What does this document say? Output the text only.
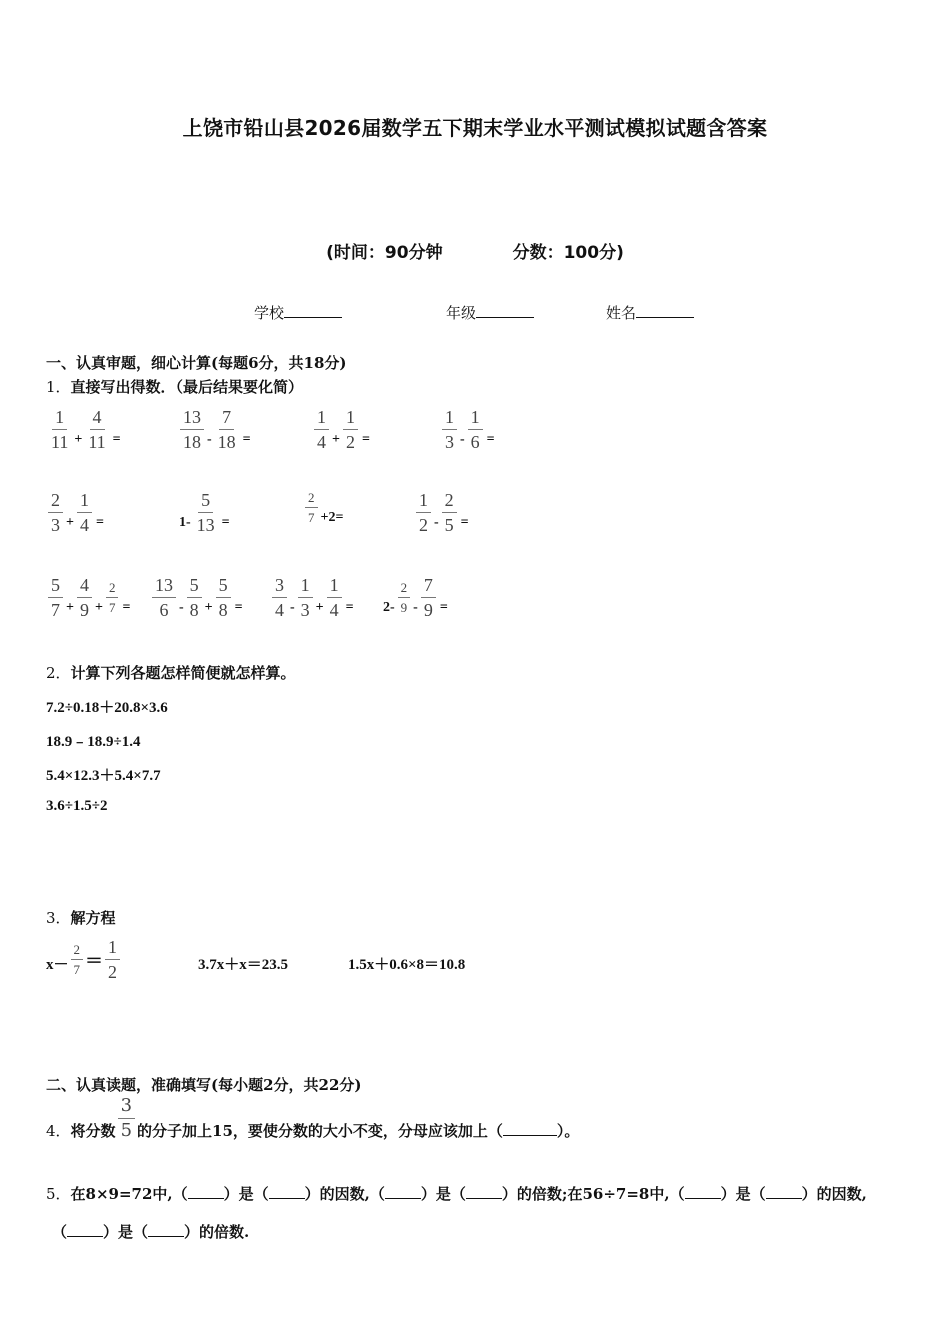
上饶市铅山县2026届数学五下期末学业水平测试模拟试题含答案
(时间：90分钟	分数：100分)
学校	年级	姓名
一、认真审题，细心计算(每题6分，共18分)
1．直接写出得数．（最后结果要化简）
$\frac{1}{11} + \frac{4}{11}$ =	$\frac{13}{18} - \frac{7}{18}$ =	$\frac{1}{4} + \frac{1}{2}$ =	$\frac{1}{3} - \frac{1}{6}$ =
$\frac{2}{3} + \frac{1}{4}$ =	$1- \frac{5}{13}$ =	$\frac{2}{7} +2=$	$\frac{1}{2} - \frac{2}{5}$ =
$\frac{5}{7} + \frac{4}{9} + \frac{2}{7} = \frac{13}{6} - \frac{5}{8} + \frac{5}{8} = \frac{3}{4} - \frac{1}{3} + \frac{1}{4} = 2- \frac{2}{9} - \frac{7}{9}$ =
2．计算下列各题怎样简便就怎样算。
7.2÷0.18＋20.8×3.6
18.9﹣18.9÷1.4
5.4×12.3＋5.4×7.7
3.6÷1.5÷2
3．解方程
$x- \frac{2}{7} = \frac{1}{2}$	3.7x＋x＝23.5	1.5x＋0.6×8＝10.8
二、认真读题，准确填写(每小题2分，共22分)
4． 将分数 $\frac{3}{5}$ 的分子加上15，要使分数的大小不变，分母应该加上（	）。
5．在8×9=72中,（ ）是（ ）的因数,（ ）是（ ）的倍数;在56÷7=8中,（ ）是（ ）的因数,
（ ）是（ ）的倍数.
